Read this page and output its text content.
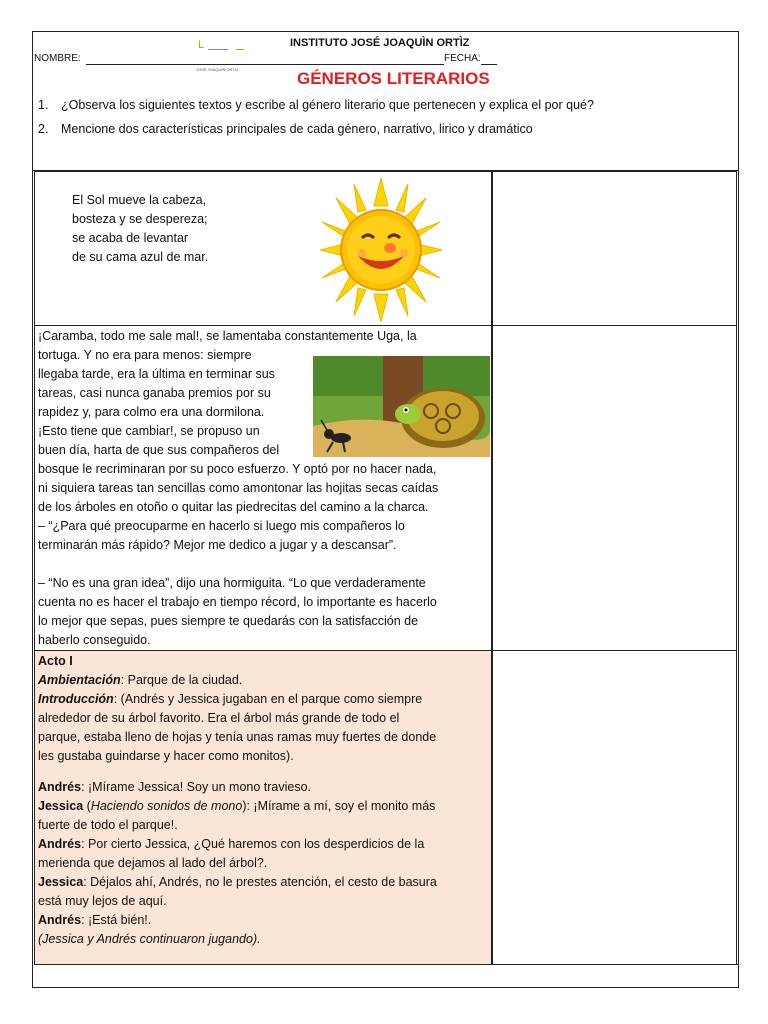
ᒪ
JOSE JOAQUIN ORTIZ
INSTITUTO JOSÉ JOAQUÌN ORTÌZ
NOMBRE:	FECHA:
GÉNEROS LITERARIOS
1. ¿Observa los siguientes textos y escribe al género literario que pertenecen y explica el por qué?
2. Mencione dos características principales de cada género, narrativo, lirico y dramático
El Sol mueve la cabeza,
bosteza y se despereza;
se acaba de levantar
de su cama azul de mar.

¡Caramba, todo me sale mal!, se lamentaba constantemente Uga, la

tortuga. Y no era para menos: siempre

llegaba tarde, era la última en terminar sus

tareas, casi nunca ganaba premios por su

rapidez y, para colmo era una dormilona.

¡Esto tiene que cambiar!, se propuso un

buen día, harta de que sus compañeros del

bosque le recriminaran por su poco esfuerzo. Y optó por no hacer nada,

ni siquiera tareas tan sencillas como amontonar las hojitas secas caídas

de los árboles en otoño o quitar las piedrecitas del camino a la charca.

– “¿Para qué preocuparme en hacerlo si luego mis compañeros lo

terminarán más rápido? Mejor me dedico a jugar y a descansar”.

– “No es una gran idea”, dijo una hormiguita. “Lo que verdaderamente

cuenta no es hacer el trabajo en tiempo récord, lo importante es hacerlo

lo mejor que sepas, pues siempre te quedarás con la satisfacción de

haberlo conseguido.

Acto I

Ambientación: Parque de la ciudad.

Introducción: (Andrés y Jessica jugaban en el parque como siempre

alrededor de su árbol favorito. Era el árbol más grande de todo el

parque, estaba lleno de hojas y tenía unas ramas muy fuertes de donde

les gustaba guindarse y hacer como monitos).

Andrés: ¡Mírame Jessica! Soy un mono travieso.

Jessica (Haciendo sonidos de mono): ¡Mírame a mí, soy el monito más

fuerte de todo el parque!.

Andrés: Por cierto Jessica, ¿Qué haremos con los desperdicios de la

merienda que dejamos al lado del árbol?.

Jessica: Déjalos ahí, Andrés, no le prestes atención, el cesto de basura

está muy lejos de aquí.

Andrés: ¡Está bién!.

(Jessica y Andrés continuaron jugando).
